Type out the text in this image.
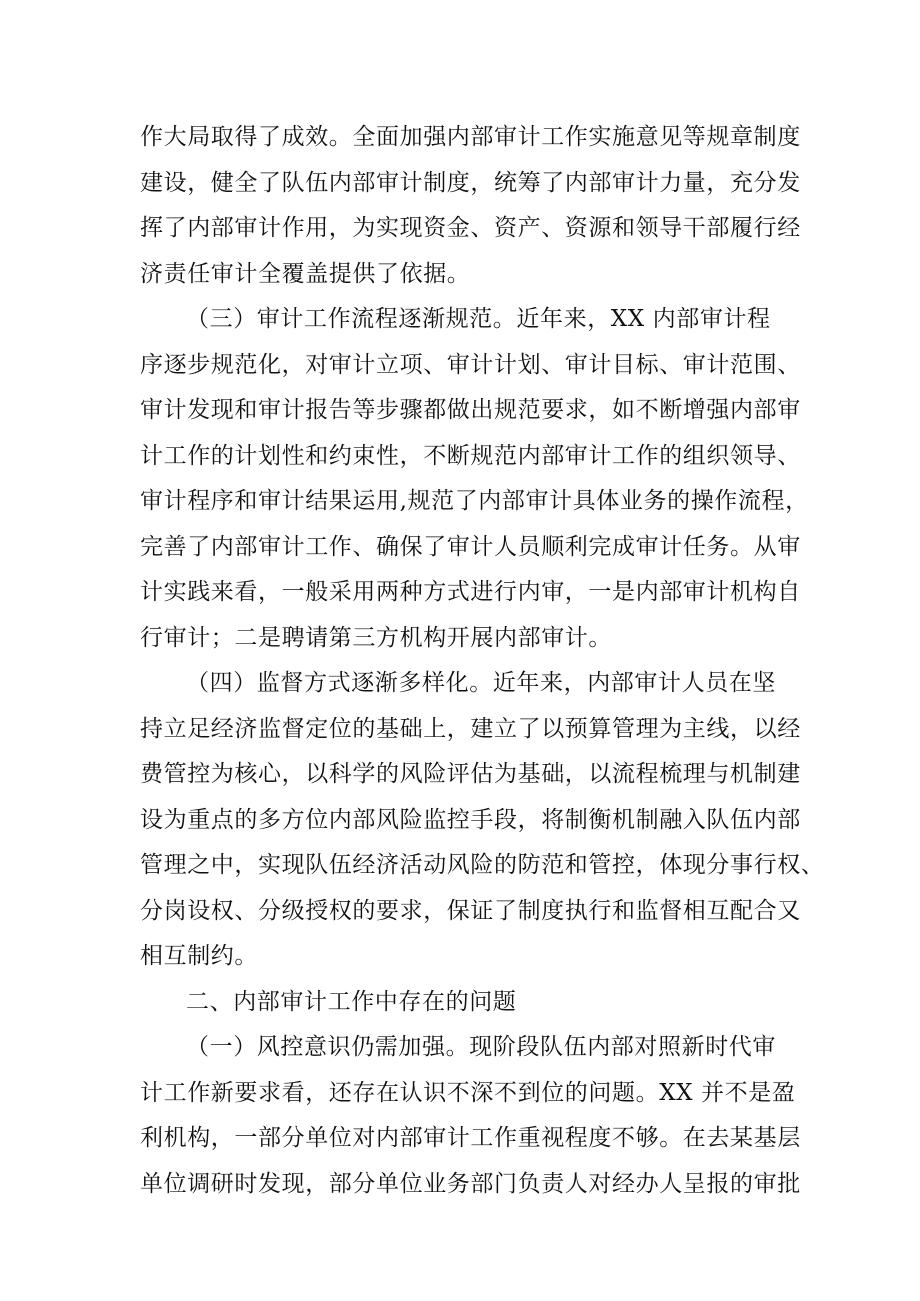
作大局取得了成效。全面加强内部审计工作实施意见等规章制度
建设，健全了队伍内部审计制度，统筹了内部审计力量，充分发
挥了内部审计作用，为实现资金、资产、资源和领导干部履行经
济责任审计全覆盖提供了依据。
（三）审计工作流程逐渐规范。近年来，XX 内部审计程
序逐步规范化，对审计立项、审计计划、审计目标、审计范围、
审计发现和审计报告等步骤都做出规范要求，如不断增强内部审
计工作的计划性和约束性，不断规范内部审计工作的组织领导、
审计程序和审计结果运用,规范了内部审计具体业务的操作流程，
完善了内部审计工作、确保了审计人员顺利完成审计任务。从审
计实践来看，一般采用两种方式进行内审，一是内部审计机构自
行审计；二是聘请第三方机构开展内部审计。
（四）监督方式逐渐多样化。近年来，内部审计人员在坚
持立足经济监督定位的基础上，建立了以预算管理为主线，以经
费管控为核心，以科学的风险评估为基础，以流程梳理与机制建
设为重点的多方位内部风险监控手段，将制衡机制融入队伍内部
管理之中，实现队伍经济活动风险的防范和管控，体现分事行权、
分岗设权、分级授权的要求，保证了制度执行和监督相互配合又
相互制约。
二、内部审计工作中存在的问题
（一）风控意识仍需加强。现阶段队伍内部对照新时代审
计工作新要求看，还存在认识不深不到位的问题。XX 并不是盈
利机构，一部分单位对内部审计工作重视程度不够。在去某基层
单位调研时发现，部分单位业务部门负责人对经办人呈报的审批
